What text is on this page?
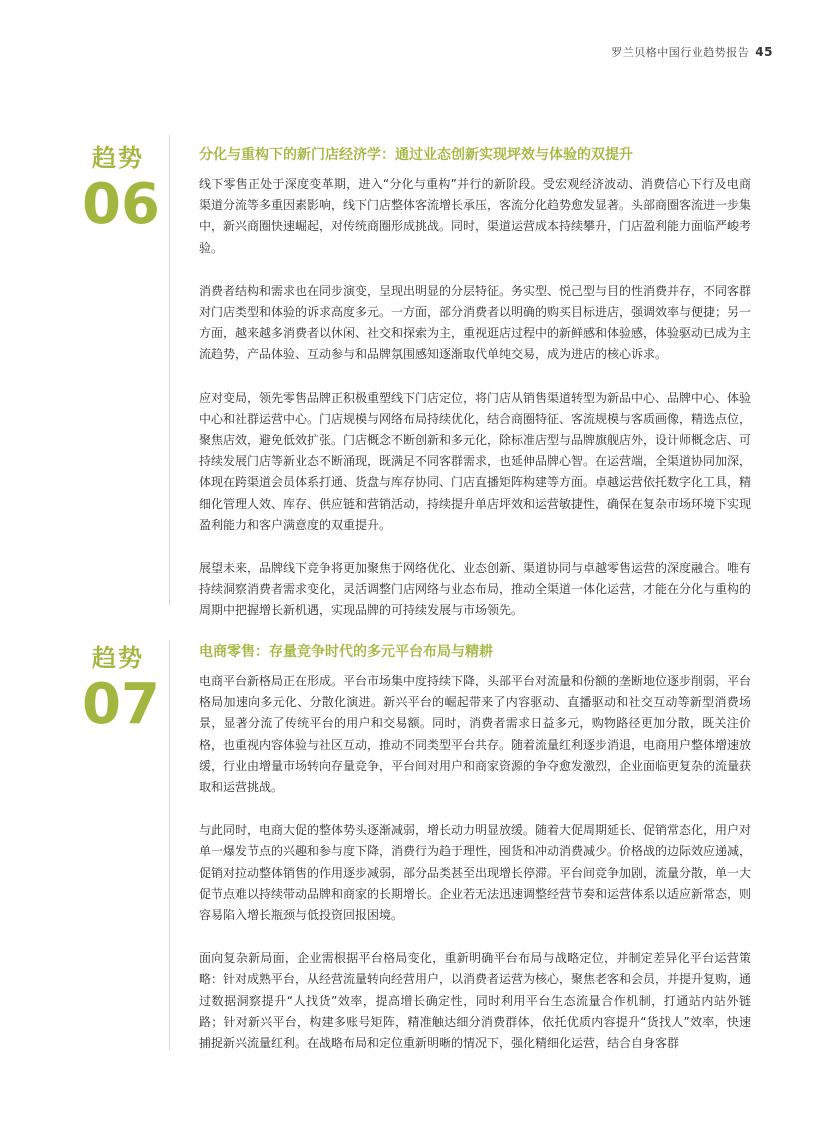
罗兰贝格中国行业趋势报告 45
趋势
06
分化与重构下的新门店经济学：通过业态创新实现坪效与体验的双提升

线下零售正处于深度变革期，进入“分化与重构”并行的新阶段。受宏观经济波动、消费信心下行及电商渠道分流等多重因素影响，线下门店整体客流增长承压，客流分化趋势愈发显著。头部商圈客流进一步集中，新兴商圈快速崛起，对传统商圈形成挑战。同时，渠道运营成本持续攀升，门店盈利能力面临严峻考验。

消费者结构和需求也在同步演变，呈现出明显的分层特征。务实型、悦己型与目的性消费并存，不同客群对门店类型和体验的诉求高度多元。一方面，部分消费者以明确的购买目标进店，强调效率与便捷；另一方面，越来越多消费者以休闲、社交和探索为主，重视逛店过程中的新鲜感和体验感，体验驱动已成为主流趋势，产品体验、互动参与和品牌氛围感知逐渐取代单纯交易，成为进店的核心诉求。

应对变局，领先零售品牌正积极重塑线下门店定位，将门店从销售渠道转型为新品中心、品牌中心、体验中心和社群运营中心。门店规模与网络布局持续优化，结合商圈特征、客流规模与客质画像，精选点位，聚焦店效，避免低效扩张。门店概念不断创新和多元化，除标准店型与品牌旗舰店外，设计师概念店、可持续发展门店等新业态不断涌现，既满足不同客群需求，也延伸品牌心智。在运营端，全渠道协同加深，体现在跨渠道会员体系打通、货盘与库存协同、门店直播矩阵构建等方面。卓越运营依托数字化工具，精细化管理人效、库存、供应链和营销活动，持续提升单店坪效和运营敏捷性，确保在复杂市场环境下实现盈利能力和客户满意度的双重提升。

展望未来，品牌线下竞争将更加聚焦于网络优化、业态创新、渠道协同与卓越零售运营的深度融合。唯有持续洞察消费者需求变化，灵活调整门店网络与业态布局，推动全渠道一体化运营，才能在分化与重构的周期中把握增长新机遇，实现品牌的可持续发展与市场领先。

趋势
07
电商零售：存量竞争时代的多元平台布局与精耕

电商平台新格局正在形成。平台市场集中度持续下降，头部平台对流量和份额的垄断地位逐步削弱，平台格局加速向多元化、分散化演进。新兴平台的崛起带来了内容驱动、直播驱动和社交互动等新型消费场景，显著分流了传统平台的用户和交易额。同时，消费者需求日益多元，购物路径更加分散，既关注价格，也重视内容体验与社区互动，推动不同类型平台共存。随着流量红利逐步消退，电商用户整体增速放缓，行业由增量市场转向存量竞争，平台间对用户和商家资源的争夺愈发激烈，企业面临更复杂的流量获取和运营挑战。

与此同时，电商大促的整体势头逐渐减弱，增长动力明显放缓。随着大促周期延长、促销常态化，用户对单一爆发节点的兴趣和参与度下降，消费行为趋于理性，囤货和冲动消费减少。价格战的边际效应递减，促销对拉动整体销售的作用逐步减弱，部分品类甚至出现增长停滞。平台间竞争加剧，流量分散，单一大促节点难以持续带动品牌和商家的长期增长。企业若无法迅速调整经营节奏和运营体系以适应新常态，则容易陷入增长瓶颈与低投资回报困境。

面向复杂新局面，企业需根据平台格局变化，重新明确平台布局与战略定位，并制定差异化平台运营策略：针对成熟平台，从经营流量转向经营用户，以消费者运营为核心，聚焦老客和会员，并提升复购，通过数据洞察提升“人找货”效率，提高增长确定性，同时利用平台生态流量合作机制，打通站内站外链路；针对新兴平台，构建多账号矩阵，精准触达细分消费群体，依托优质内容提升“货找人”效率，快速捕捉新兴流量红利。在战略布局和定位重新明晰的情况下，强化精细化运营，结合自身客群
